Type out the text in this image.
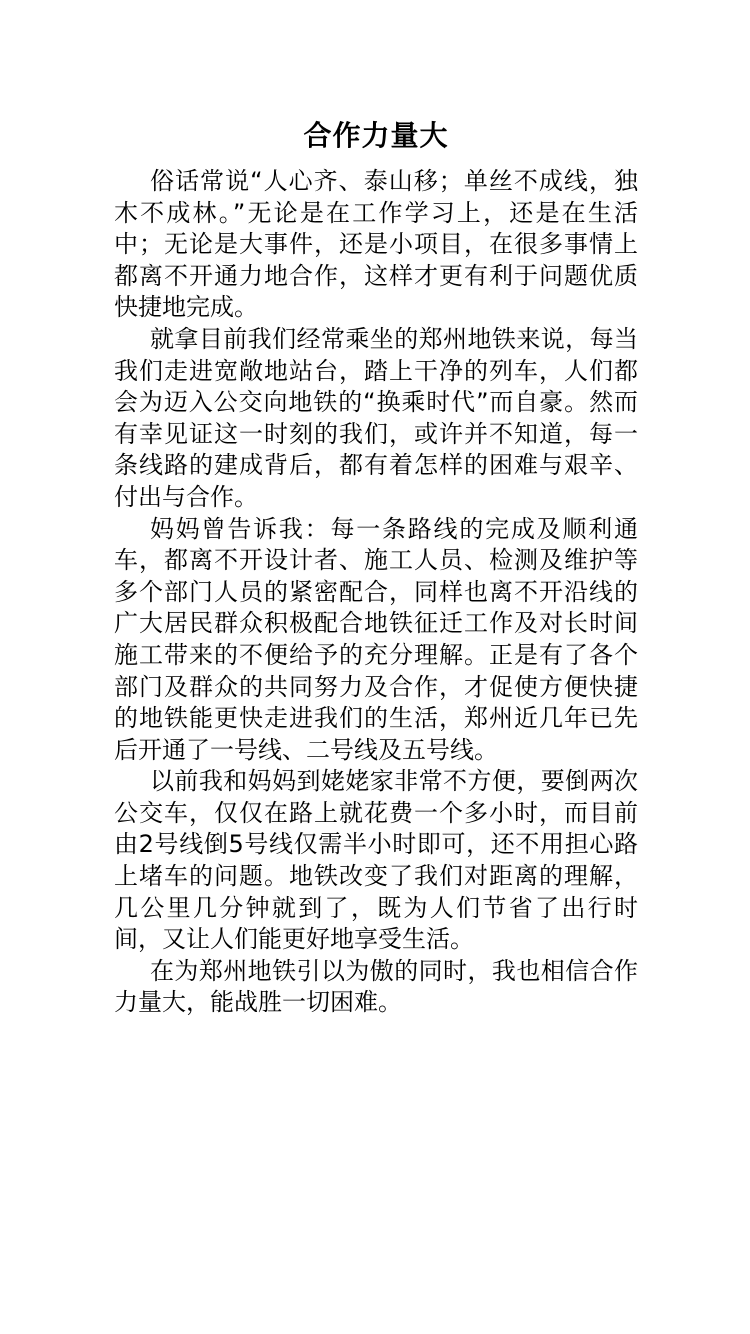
合作力量大

俗话常说“人心齐、泰山移；单丝不成线，独木不成林。”无论是在工作学习上，还是在生活中；无论是大事件，还是小项目，在很多事情上都离不开通力地合作，这样才更有利于问题优质快捷地完成。

就拿目前我们经常乘坐的郑州地铁来说，每当我们走进宽敞地站台，踏上干净的列车，人们都会为迈入公交向地铁的“换乘时代”而自豪。然而有幸见证这一时刻的我们，或许并不知道，每一条线路的建成背后，都有着怎样的困难与艰辛、付出与合作。

妈妈曾告诉我：每一条路线的完成及顺利通车，都离不开设计者、施工人员、检测及维护等多个部门人员的紧密配合，同样也离不开沿线的广大居民群众积极配合地铁征迁工作及对长时间施工带来的不便给予的充分理解。正是有了各个部门及群众的共同努力及合作，才促使方便快捷的地铁能更快走进我们的生活，郑州近几年已先后开通了一号线、二号线及五号线。

以前我和妈妈到姥姥家非常不方便，要倒两次公交车，仅仅在路上就花费一个多小时，而目前由2号线倒5号线仅需半小时即可，还不用担心路上堵车的问题。地铁改变了我们对距离的理解，几公里几分钟就到了，既为人们节省了出行时间，又让人们能更好地享受生活。

在为郑州地铁引以为傲的同时，我也相信合作力量大，能战胜一切困难。
